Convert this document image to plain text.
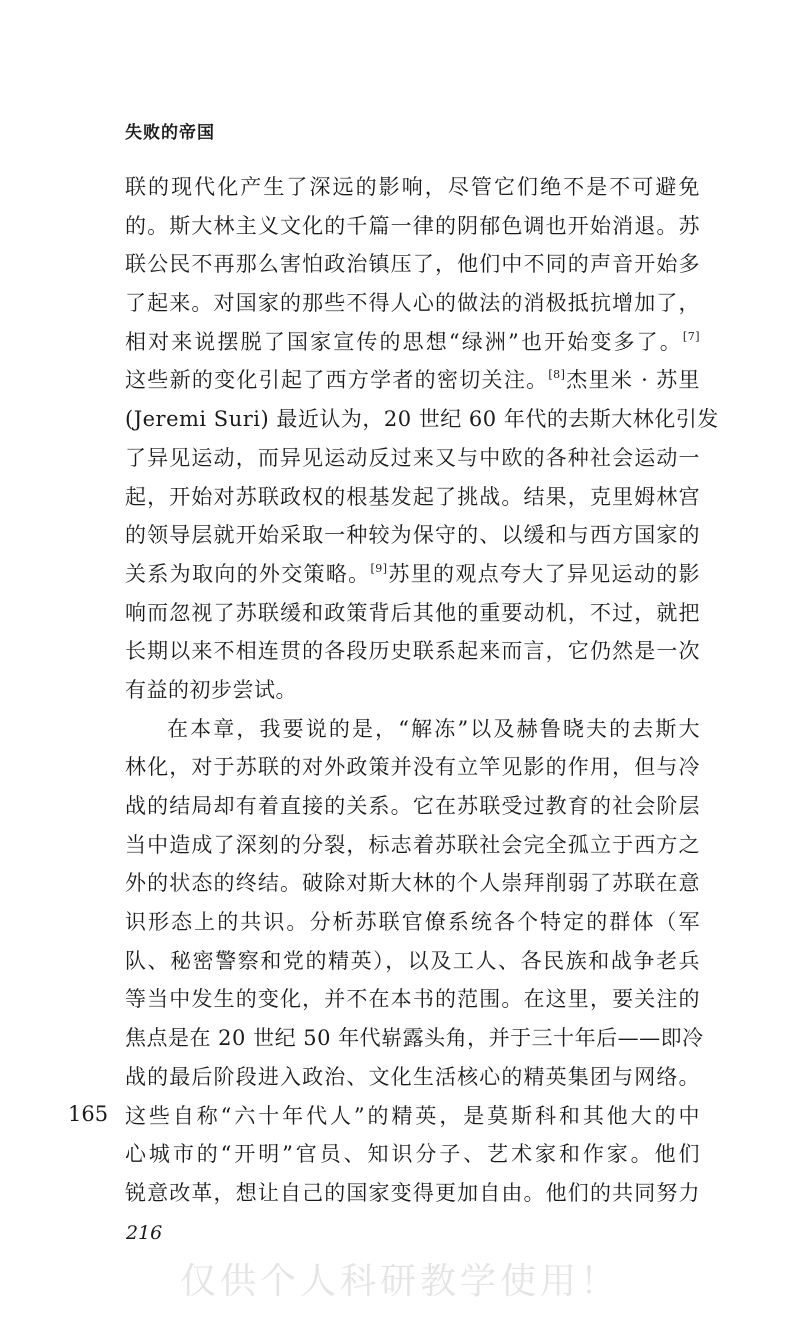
失败的帝国
联的现代化产生了深远的影响，尽管它们绝不是不可避免
的。斯大林主义文化的千篇一律的阴郁色调也开始消退。苏
联公民不再那么害怕政治镇压了，他们中不同的声音开始多
了起来。对国家的那些不得人心的做法的消极抵抗增加了，
相对来说摆脱了国家宣传的思想“绿洲”也开始变多了。[7]
这些新的变化引起了西方学者的密切关注。[8]杰里米 · 苏里
(Jeremi Suri) 最近认为，20 世纪 60 年代的去斯大林化引发
了异见运动，而异见运动反过来又与中欧的各种社会运动一
起，开始对苏联政权的根基发起了挑战。结果，克里姆林宫
的领导层就开始采取一种较为保守的、以缓和与西方国家的
关系为取向的外交策略。[9]苏里的观点夸大了异见运动的影
响而忽视了苏联缓和政策背后其他的重要动机，不过，就把
长期以来不相连贯的各段历史联系起来而言，它仍然是一次
有益的初步尝试。
在本章，我要说的是，“解冻”以及赫鲁晓夫的去斯大
林化，对于苏联的对外政策并没有立竿见影的作用，但与冷
战的结局却有着直接的关系。它在苏联受过教育的社会阶层
当中造成了深刻的分裂，标志着苏联社会完全孤立于西方之
外的状态的终结。破除对斯大林的个人崇拜削弱了苏联在意
识形态上的共识。分析苏联官僚系统各个特定的群体（军
队、秘密警察和党的精英），以及工人、各民族和战争老兵
等当中发生的变化，并不在本书的范围。在这里，要关注的
焦点是在 20 世纪 50 年代崭露头角，并于三十年后——即冷
战的最后阶段进入政治、文化生活核心的精英集团与网络。
这些自称“六十年代人”的精英，是莫斯科和其他大的中
心城市的“开明”官员、知识分子、艺术家和作家。他们
锐意改革，想让自己的国家变得更加自由。他们的共同努力
165
216
仅供个人科研教学使用！
